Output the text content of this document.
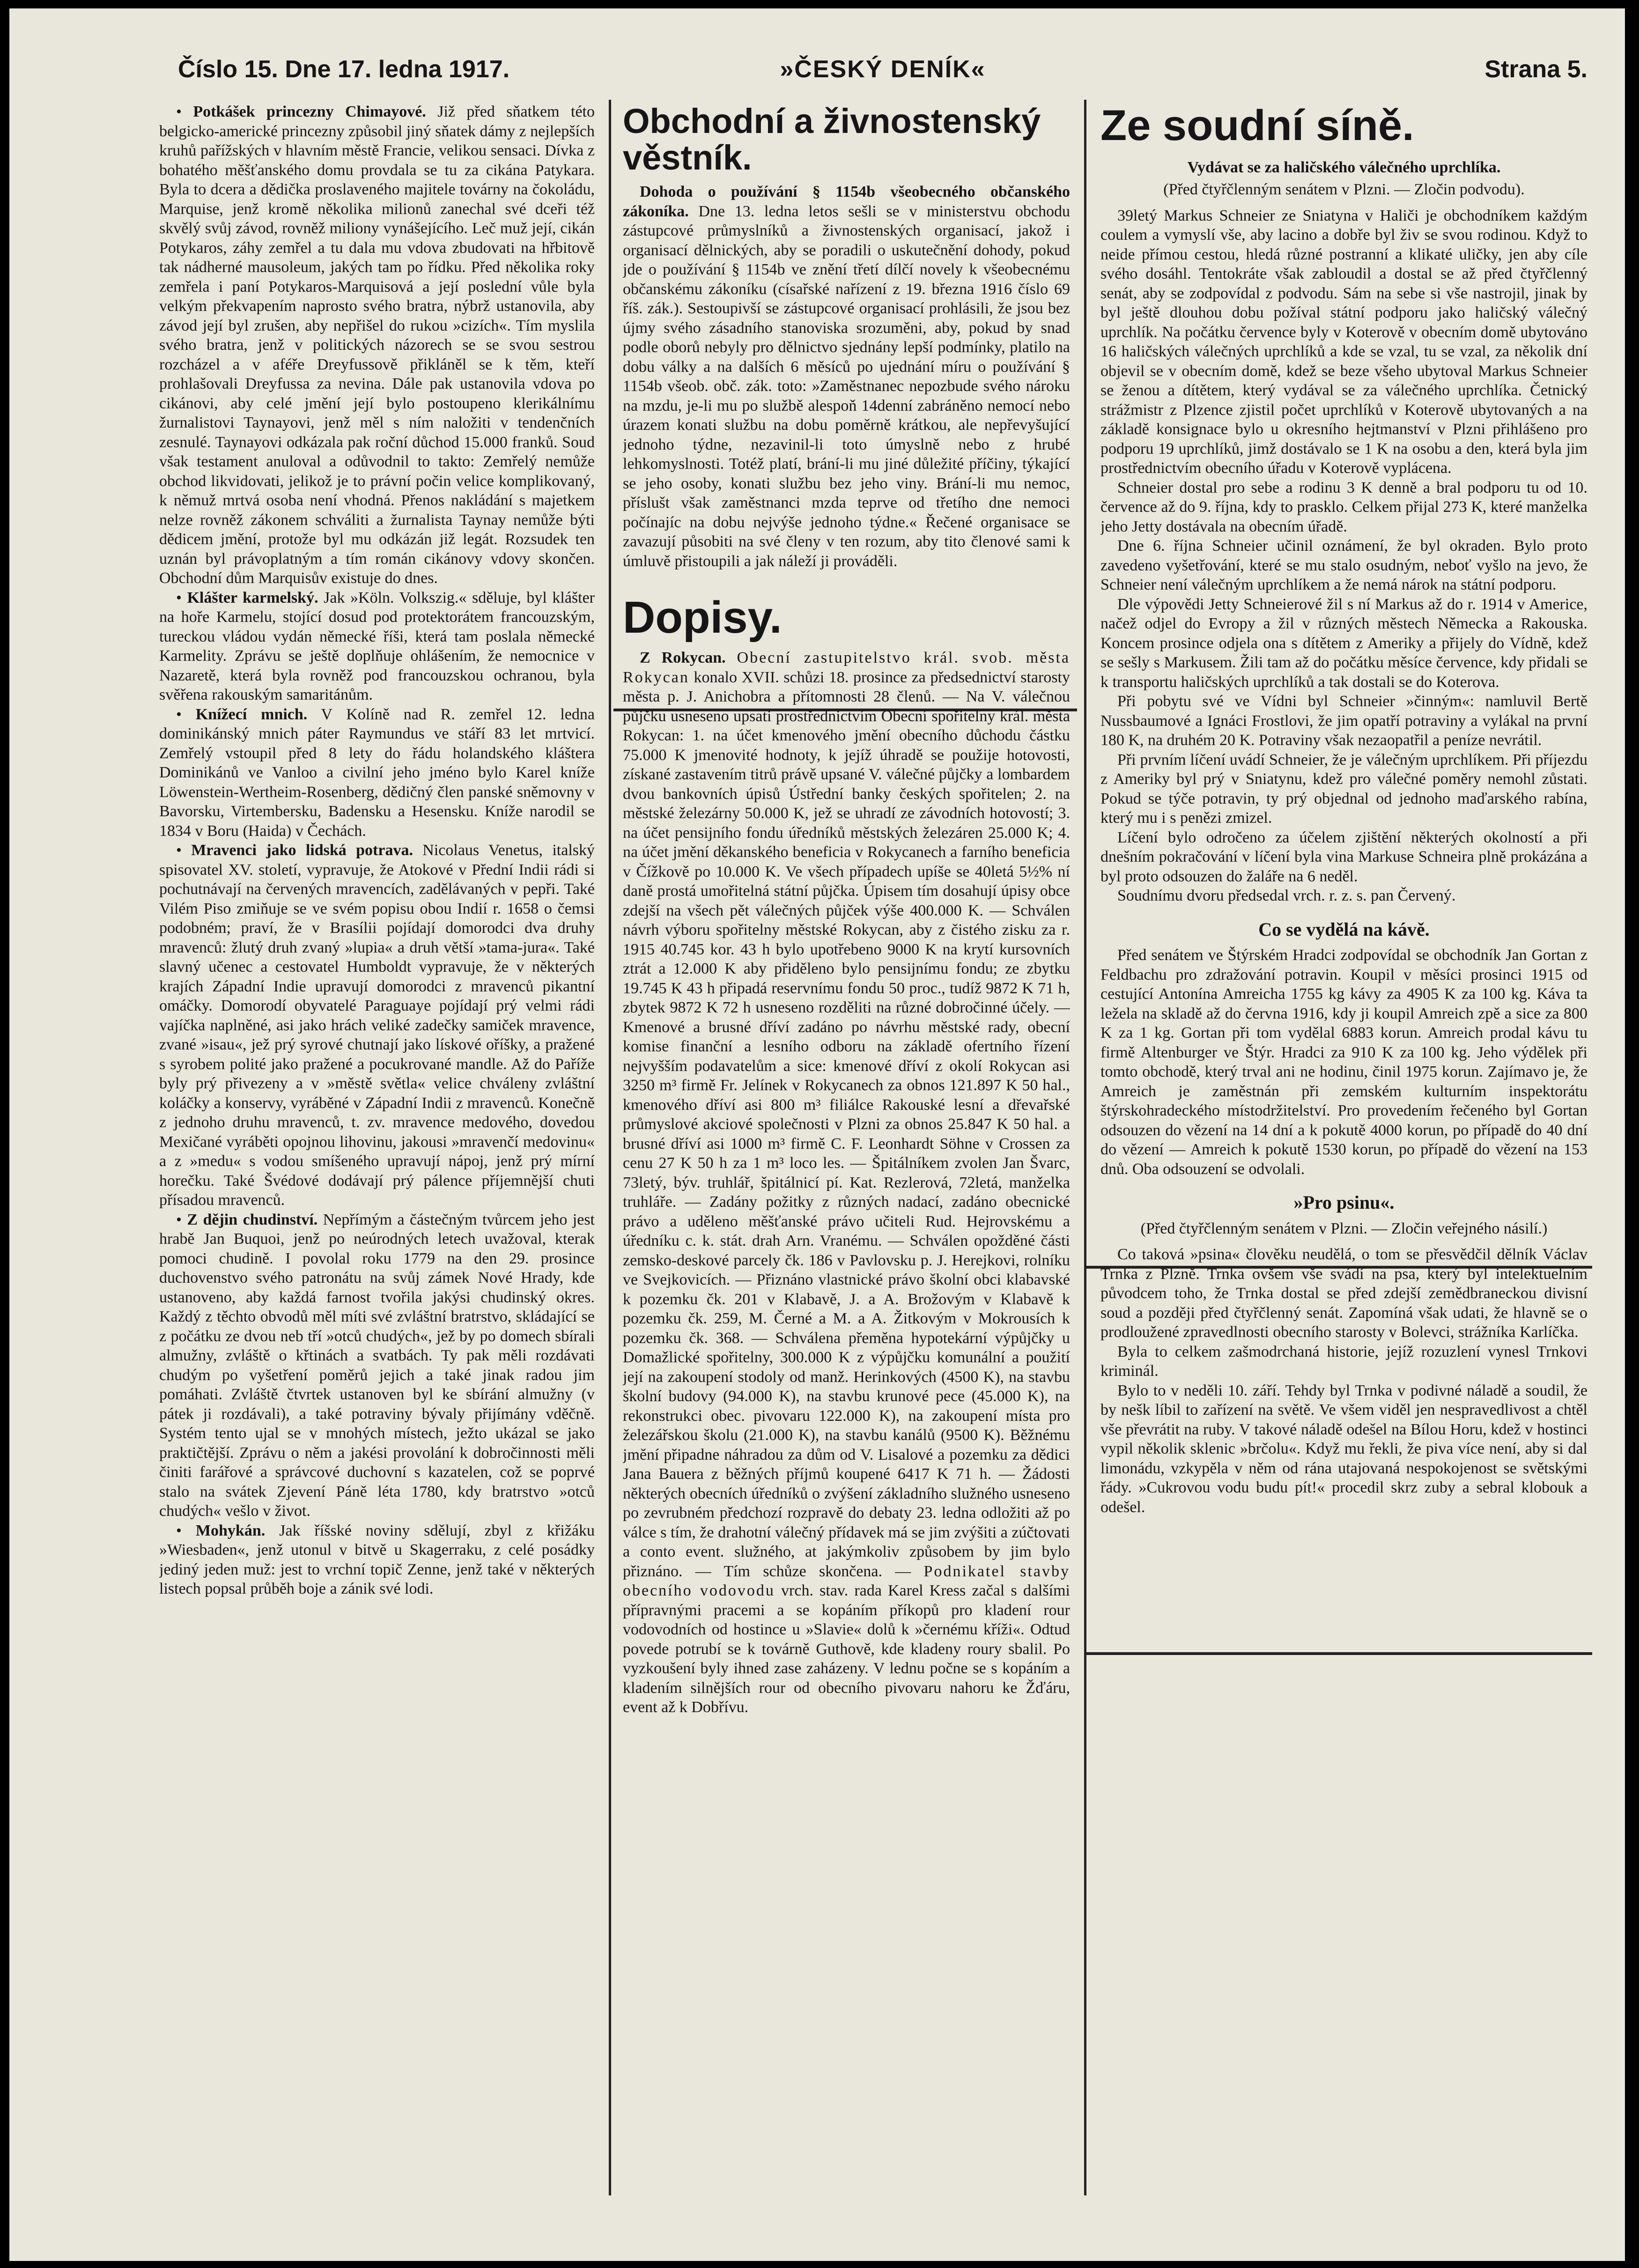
Číslo 15. Dne 17. ledna 1917.	»ČESKÝ DENÍK«	Strana 5.

• Potkášek princezny Chimayové. Již před sňatkem této belgicko-americké princezny způsobil jiný sňatek dámy z nejlepších kruhů pařížských v hlavním městě Francie, velikou sensaci. Dívka z bohatého měšťanského domu provdala se tu za cikána Patykara. Byla to dcera a dědička proslaveného majitele továrny na čokoládu, Marquise, jenž kromě několika milionů zanechal své dceři též skvělý svůj závod, rovněž miliony vynášejícího. Leč muž její, cikán Potykaros, záhy zemřel a tu dala mu vdova zbudovati na hřbitově tak nádherné mausoleum, jakých tam po řídku. Před několika roky zemřela i paní Potykaros-Marquisová a její poslední vůle byla velkým překvapením naprosto svého bratra, nýbrž ustanovila, aby závod její byl zrušen, aby nepřišel do rukou »cizích«. Tím myslila svého bratra, jenž v politických názorech se se svou sestrou rozcházel a v aféře Dreyfussově přikláněl se k těm, kteří prohlašovali Dreyfussa za nevina. Dále pak ustanovila vdova po cikánovi, aby celé jmění její bylo postoupeno klerikálnímu žurnalistovi Taynayovi, jenž měl s ním naložiti v tendenčních zesnulé. Taynayovi odkázala pak roční důchod 15.000 franků. Soud však testament anuloval a odůvodnil to takto: Zemřelý nemůže obchod likvidovati, jelikož je to právní počin velice komplikovaný, k němuž mrtvá osoba není vhodná. Přenos nakládání s majetkem nelze rovněž zákonem schváliti a žurnalista Taynay nemůže býti dědicem jmění, protože byl mu odkázán již legát. Rozsudek ten uznán byl právoplatným a tím román cikánovy vdovy skončen. Obchodní dům Marquisův existuje do dnes.

• Klášter karmelský. Jak »Köln. Volkszig.« sděluje, byl klášter na hoře Karmelu, stojící dosud pod protektorátem francouzským, tureckou vládou vydán německé říši, která tam poslala německé Karmelity. Zprávu se ještě doplňuje ohlášením, že nemocnice v Nazaretě, která byla rovněž pod francouzskou ochranou, byla svěřena rakouským samaritánům.

• Knížecí mnich. V Kolíně nad R. zemřel 12. ledna dominikánský mnich páter Raymundus ve stáří 83 let mrtvicí. Zemřelý vstoupil před 8 lety do řádu holandského kláštera Dominikánů ve Vanloo a civilní jeho jméno bylo Karel kníže Löwenstein-Wertheim-Rosenberg, dědičný člen panské sněmovny v Bavorsku, Virtembersku, Badensku a Hesensku. Kníže narodil se 1834 v Boru (Haida) v Čechách.

• Mravenci jako lidská potrava. Nicolaus Venetus, italský spisovatel XV. století, vypravuje, že Atokové v Přední Indii rádi si pochutnávají na červených mravencích, zadělávaných v pepři. Také Vilém Piso zmiňuje se ve svém popisu obou Indií r. 1658 o čemsi podobném; praví, že v Brasílii pojídají domorodci dva druhy mravenců: žlutý druh zvaný »lupia« a druh větší »tama-jura«. Také slavný učenec a cestovatel Humboldt vypravuje, že v některých krajích Západní Indie upravují domorodci z mravenců pikantní omáčky. Domorodí obyvatelé Paraguaye pojídají prý velmi rádi vajíčka naplněné, asi jako hrách veliké zadečky samiček mravence, zvané »isau«, jež prý syrové chutnají jako lískové oříšky, a pražené s syrobem polité jako pražené a pocukrované mandle. Až do Paříže byly prý přivezeny a v »městě světla« velice chváleny zvláštní koláčky a konservy, vyráběné v Západní Indii z mravenců. Konečně z jednoho druhu mravenců, t. zv. mravence medového, dovedou Mexičané vyráběti opojnou lihovinu, jakousi »mravenčí medovinu« a z »medu« s vodou smíšeného upravují nápoj, jenž prý mírní horečku. Také Švédové dodávají prý pálence příjemnější chuti přísadou mravenců.

• Z dějin chudinství. Nepřímým a částečným tvůrcem jeho jest hrabě Jan Buquoi, jenž po neúrodných letech uvažoval, kterak pomoci chudině. I povolal roku 1779 na den 29. prosince duchovenstvo svého patronátu na svůj zámek Nové Hrady, kde ustanoveno, aby každá farnost tvořila jakýsi chudinský okres. Každý z těchto obvodů měl míti své zvláštní bratrstvo, skládající se z počátku ze dvou neb tří »otců chudých«, jež by po domech sbírali almužny, zvláště o křtinách a svatbách. Ty pak měli rozdávati chudým po vyšetření poměrů jejich a také jinak radou jim pomáhati. Zvláště čtvrtek ustanoven byl ke sbírání almužny (v pátek ji rozdávali), a také potraviny bývaly přijímány vděčně. Systém tento ujal se v mnohých místech, ježto ukázal se jako praktičtější. Zprávu o něm a jakési provolání k dobročinnosti měli činiti farářové a správcové duchovní s kazatelen, což se poprvé stalo na svátek Zjevení Páně léta 1780, kdy bratrstvo »otců chudých« vešlo v život.

• Mohykán. Jak říšské noviny sdělují, zbyl z křižáku »Wiesbaden«, jenž utonul v bitvě u Skagerraku, z celé posádky jediný jeden muž: jest to vrchní topič Zenne, jenž také v některých listech popsal průběh boje a zánik své lodi.

Obchodní a živnostenský věstník.

Dohoda o používání § 1154b všeobecného občanského zákoníka. Dne 13. ledna letos sešli se v ministerstvu obchodu zástupcové průmyslníků a živnostenských organisací, jakož i organisací dělnických, aby se poradili o uskutečnění dohody, pokud jde o používání § 1154b ve znění třetí dílčí novely k všeobecnému občanskému zákoníku (císařské nařízení z 19. března 1916 číslo 69 říš. zák.). Sestoupivší se zástupcové organisací prohlásili, že jsou bez újmy svého zásadního stanoviska srozuměni, aby, pokud by snad podle oborů nebyly pro dělnictvo sjednány lepší podmínky, platilo na dobu války a na dalších 6 měsíců po ujednání míru o používání § 1154b všeob. obč. zák. toto: »Zaměstnanec nepozbude svého nároku na mzdu, je-li mu po službě alespoň 14denní zabráněno nemocí nebo úrazem konati službu na dobu poměrně krátkou, ale nepřevyšující jednoho týdne, nezavinil-li toto úmyslně nebo z hrubé lehkomyslnosti. Totéž platí, brání-li mu jiné důležité příčiny, týkající se jeho osoby, konati službu bez jeho viny. Brání-li mu nemoc, příslušt však zaměstnanci mzda teprve od třetího dne nemoci počínajíc na dobu nejvýše jednoho týdne.« Řečené organisace se zavazují působiti na své členy v ten rozum, aby tito členové sami k úmluvě přistoupili a jak náleží ji prováděli.

Dopisy.

Z Rokycan. Obecní zastupitelstvo král. svob. města Rokycan konalo XVII. schůzi 18. prosince za předsednictví starosty města p. J. Anichobra a přítomnosti 28 členů. — Na V. válečnou půjčku usneseno upsati prostřednictvím Obecní spořitelny král. města Rokycan: 1. na účet kmenového jmění obecního důchodu částku 75.000 K jmenovité hodnoty, k jejíž úhradě se použije hotovosti, získané zastavením titrů právě upsané V. válečné půjčky a lombardem dvou bankovních úpisů Ústřední banky českých spořitelen; 2. na městské železárny 50.000 K, jež se uhradí ze závodních hotovostí; 3. na účet pensijního fondu úředníků městských železáren 25.000 K; 4. na účet jmění děkanského beneficia v Rokycanech a farního beneficia v Čížkově po 10.000 K. Ve všech případech upíše se 40letá 5½% ní daně prostá umořitelná státní půjčka. Úpisem tím dosahují úpisy obce zdejší na všech pět válečných půjček výše 400.000 K. — Schválen návrh výboru spořitelny městské Rokycan, aby z čistého zisku za r. 1915 40.745 kor. 43 h bylo upotřebeno 9000 K na krytí kursovních ztrát a 12.000 K aby přiděleno bylo pensijnímu fondu; ze zbytku 19.745 K 43 h připadá reservnímu fondu 50 proc., tudíž 9872 K 71 h, zbytek 9872 K 72 h usneseno rozděliti na různé dobročinné účely. — Kmenové a brusné dříví zadáno po návrhu městské rady, obecní komise finanční a lesního odboru na základě ofertního řízení nejvyšším podavatelům a sice: kmenové dříví z okolí Rokycan asi 3250 m³ firmě Fr. Jelínek v Rokycanech za obnos 121.897 K 50 hal., kmenového dříví asi 800 m³ filiálce Rakouské lesní a dřevařské průmyslové akciové společnosti v Plzni za obnos 25.847 K 50 hal. a brusné dříví asi 1000 m³ firmě C. F. Leonhardt Söhne v Crossen za cenu 27 K 50 h za 1 m³ loco les. — Špitálníkem zvolen Jan Švarc, 73letý, býv. truhlář, špitálnicí pí. Kat. Rezlerová, 72letá, manželka truhláře. — Zadány požitky z různých nadací, zadáno obecnické právo a uděleno měšťanské právo učiteli Rud. Hejrovskému a úředníku c. k. stát. drah Arn. Vranému. — Schválen opožděné části zemsko-deskové parcely čk. 186 v Pavlovsku p. J. Herejkovi, rolníku ve Svejkovicích. — Přiznáno vlastnické právo školní obci klabavské k pozemku čk. 201 v Klabavě, J. a A. Brožovým v Klabavě k pozemku čk. 259, M. Černé a M. a A. Žitkovým v Mokrousích k pozemku čk. 368. — Schválena přeměna hypotekární výpůjčky u Domažlické spořitelny, 300.000 K z výpůjčku komunální a použití její na zakoupení stodoly od manž. Herinkových (4500 K), na stavbu školní budovy (94.000 K), na stavbu krunové pece (45.000 K), na rekonstrukci obec. pivovaru 122.000 K), na zakoupení místa pro železářskou školu (21.000 K), na stavbu kanálů (9500 K). Běžnému jmění připadne náhradou za dům od V. Lisalové a pozemku za dědici Jana Bauera z běžných příjmů koupené 6417 K 71 h. — Žádosti některých obecních úředníků o zvýšení základního služného usneseno po zevrubném předchozí rozpravě do debaty 23. ledna odložiti až po válce s tím, že drahotní válečný přídavek má se jim zvýšiti a zúčtovati a conto event. služného, at jakýmkoliv způsobem by jim bylo přiznáno. — Tím schůze skončena. — Podnikatel stavby obecního vodovodu vrch. stav. rada Karel Kress začal s dalšími přípravnými pracemi a se kopáním příkopů pro kladení rour vodovodních od hostince u »Slavie« dolů k »černému kříži«. Odtud povede potrubí se k továrně Guthově, kde kladeny roury sbalil. Po vyzkoušení byly ihned zase zaházeny. V lednu počne se s kopáním a kladením silnějších rour od obecního pivovaru nahoru ke Žďáru, event až k Dobřívu.

Ze soudní síně.

Vydávat se za haličského válečného uprchlíka.

(Před čtyřčlenným senátem v Plzni. — Zločin podvodu).

39letý Markus Schneier ze Sniatyna v Haliči je obchodníkem každým coulem a vymyslí vše, aby lacino a dobře byl živ se svou rodinou. Když to neide přímou cestou, hledá různé postranní a klikaté uličky, jen aby cíle svého dosáhl. Tentokráte však zabloudil a dostal se až před čtyřčlenný senát, aby se zodpovídal z podvodu. Sám na sebe si vše nastrojil, jinak by byl ještě dlouhou dobu požíval státní podporu jako haličský válečný uprchlík. Na počátku července byly v Koterově v obecním domě ubytováno 16 haličských válečných uprchlíků a kde se vzal, tu se vzal, za několik dní objevil se v obecním domě, kdež se beze všeho ubytoval Markus Schneier se ženou a dítětem, který vydával se za válečného uprchlíka. Četnický strážmistr z Plzence zjistil počet uprchlíků v Koterově ubytovaných a na základě konsignace bylo u okresního hejtmanství v Plzni přihlášeno pro podporu 19 uprchlíků, jimž dostávalo se 1 K na osobu a den, která byla jim prostřednictvím obecního úřadu v Koterově vyplácena.

Schneier dostal pro sebe a rodinu 3 K denně a bral podporu tu od 10. července až do 9. října, kdy to prasklo. Celkem přijal 273 K, které manželka jeho Jetty dostávala na obecním úřadě.

Dne 6. října Schneier učinil oznámení, že byl okraden. Bylo proto zavedeno vyšetřování, které se mu stalo osudným, neboť vyšlo na jevo, že Schneier není válečným uprchlíkem a že nemá nárok na státní podporu.

Dle výpovědi Jetty Schneierové žil s ní Markus až do r. 1914 v Americe, načež odjel do Evropy a žil v různých městech Německa a Rakouska. Koncem prosince odjela ona s dítětem z Ameriky a přijely do Vídně, kdež se sešly s Markusem. Žili tam až do počátku měsíce července, kdy přidali se k transportu haličských uprchlíků a tak dostali se do Koterova.

Při pobytu své ve Vídni byl Schneier »činným«: namluvil Bertě Nussbaumové a Ignáci Frostlovi, že jim opatří potraviny a vylákal na první 180 K, na druhém 20 K. Potraviny však nezaopatřil a peníze nevrátil.

Při prvním líčení uvádí Schneier, že je válečným uprchlíkem. Při příjezdu z Ameriky byl prý v Sniatynu, kdež pro válečné poměry nemohl zůstati. Pokud se týče potravin, ty prý objednal od jednoho maďarského rabína, který mu i s penězi zmizel.

Líčení bylo odročeno za účelem zjištění některých okolností a při dnešním pokračování v líčení byla vina Markuse Schneira plně prokázána a byl proto odsouzen do žaláře na 6 neděl.

Soudnímu dvoru předsedal vrch. r. z. s. pan Červený.

Co se vydělá na kávě.

Před senátem ve Štýrském Hradci zodpovídal se obchodník Jan Gortan z Feldbachu pro zdražování potravin. Koupil v měsíci prosinci 1915 od cestující Antonína Amreicha 1755 kg kávy za 4905 K za 100 kg. Káva ta ležela na skladě až do června 1916, kdy ji koupil Amreich zpě a sice za 800 K za 1 kg. Gortan při tom vydělal 6883 korun. Amreich prodal kávu tu firmě Altenburger ve Štýr. Hradci za 910 K za 100 kg. Jeho výdělek při tomto obchodě, který trval ani ne hodinu, činil 1975 korun. Zajímavo je, že Amreich je zaměstnán při zemském kulturním inspektorátu štýrskohradeckého místodržitelství. Pro provedením řečeného byl Gortan odsouzen do vězení na 14 dní a k pokutě 4000 korun, po případě do 40 dní do vězení — Amreich k pokutě 1530 korun, po případě do vězení na 153 dnů. Oba odsouzení se odvolali.

»Pro psinu«.

(Před čtyřčlenným senátem v Plzni. — Zločin veřejného násilí.)

Co taková »psina« člověku neudělá, o tom se přesvědčil dělník Václav Trnka z Plzně. Trnka ovšem vše svádí na psa, který byl intelektuelním původcem toho, že Trnka dostal se před zdejší zemědbraneckou divisní soud a později před čtyřčlenný senát. Zapomíná však udati, že hlavně se o prodloužené zpravedlnosti obecního starosty v Bolevci, strážníka Karlíčka.

Byla to celkem zašmodrchaná historie, jejíž rozuzlení vynesl Trnkovi kriminál.

Bylo to v neděli 10. září. Tehdy byl Trnka v podivné náladě a soudil, že by nešk líbil to zařízení na světě. Ve všem viděl jen nespravedlivost a chtěl vše převrátit na ruby. V takové náladě odešel na Bílou Horu, kdež v hostinci vypil několik sklenic »brčolu«. Když mu řekli, že piva více není, aby si dal limonádu, vzkypěla v něm od rána utajovaná nespokojenost se světskými řády. »Cukrovou vodu budu pít!« procedil skrz zuby a sebral klobouk a odešel.
